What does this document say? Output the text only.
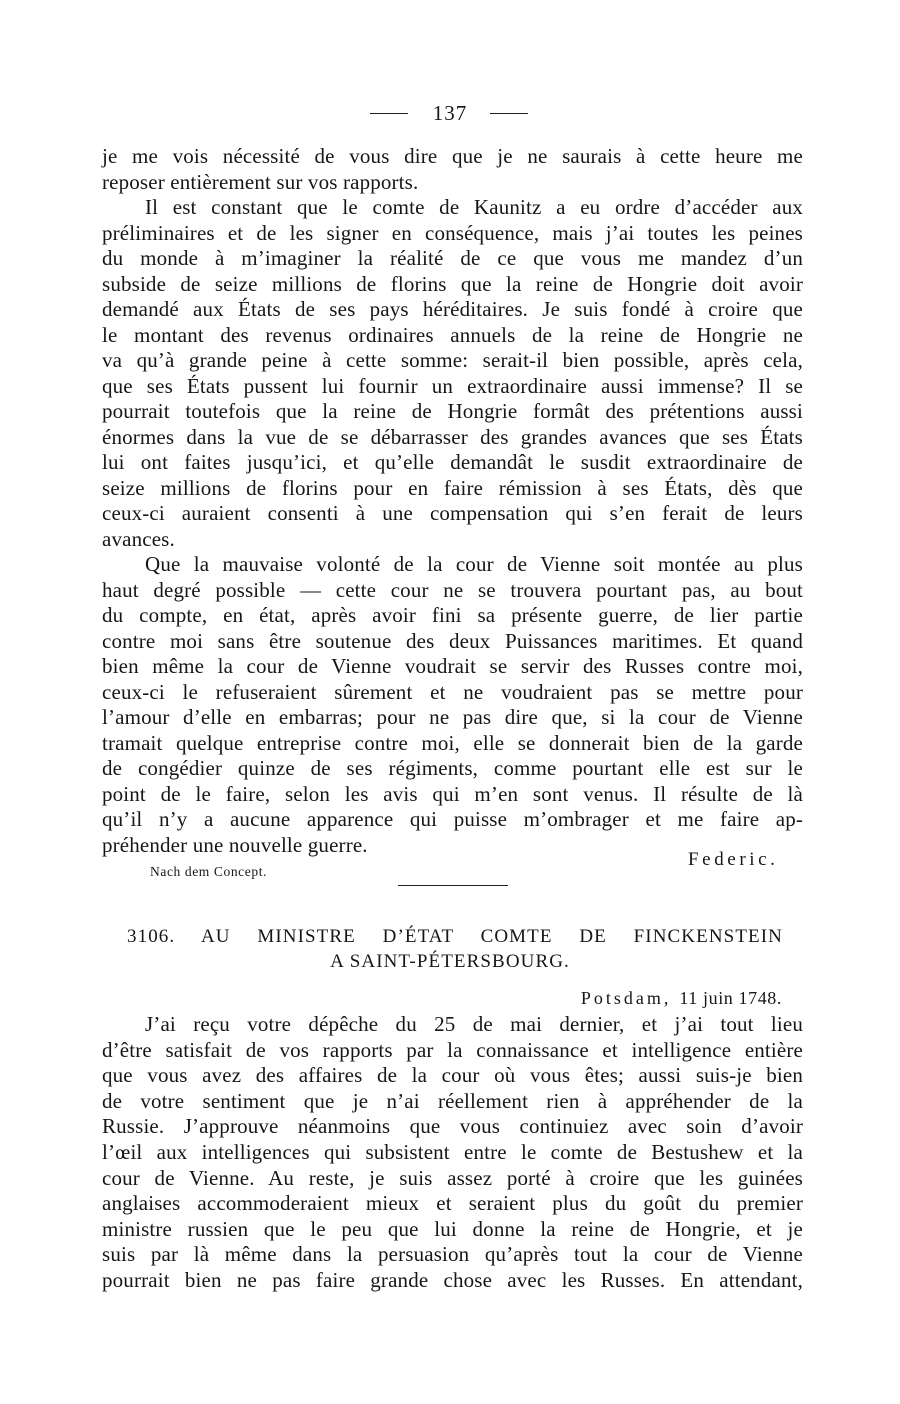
137
je me vois nécessité de vous dire que je ne saurais à cette heure me
reposer entièrement sur vos rapports.
Il est constant que le comte de Kaunitz a eu ordre d’accéder aux
préliminaires et de les signer en conséquence, mais j’ai toutes les peines
du monde à m’imaginer la réalité de ce que vous me mandez d’un
subside de seize millions de florins que la reine de Hongrie doit avoir
demandé aux États de ses pays héréditaires. Je suis fondé à croire que
le montant des revenus ordinaires annuels de la reine de Hongrie ne
va qu’à grande peine à cette somme: serait-il bien possible, après cela,
que ses États pussent lui fournir un extraordinaire aussi immense? Il se
pourrait toutefois que la reine de Hongrie formât des prétentions aussi
énormes dans la vue de se débarrasser des grandes avances que ses États
lui ont faites jusqu’ici, et qu’elle demandât le susdit extraordinaire de
seize millions de florins pour en faire rémission à ses États, dès que
ceux-ci auraient consenti à une compensation qui s’en ferait de leurs
avances.
Que la mauvaise volonté de la cour de Vienne soit montée au plus
haut degré possible — cette cour ne se trouvera pourtant pas, au bout
du compte, en état, après avoir fini sa présente guerre, de lier partie
contre moi sans être soutenue des deux Puissances maritimes. Et quand
bien même la cour de Vienne voudrait se servir des Russes contre moi,
ceux-ci le refuseraient sûrement et ne voudraient pas se mettre pour
l’amour d’elle en embarras; pour ne pas dire que, si la cour de Vienne
tramait quelque entreprise contre moi, elle se donnerait bien de la garde
de congédier quinze de ses régiments, comme pourtant elle est sur le
point de le faire, selon les avis qui m’en sont venus. Il résulte de là
qu’il n’y a aucune apparence qui puisse m’ombrager et me faire ap-
préhender une nouvelle guerre.
Federic.
Nach dem Concept.
3106. AU MINISTRE D’ÉTAT COMTE DE FINCKENSTEIN
A SAINT-PÉTERSBOURG.
Potsdam, 11 juin 1748.
J’ai reçu votre dépêche du 25 de mai dernier, et j’ai tout lieu
d’être satisfait de vos rapports par la connaissance et intelligence entière
que vous avez des affaires de la cour où vous êtes; aussi suis-je bien
de votre sentiment que je n’ai réellement rien à appréhender de la
Russie. J’approuve néanmoins que vous continuiez avec soin d’avoir
l’œil aux intelligences qui subsistent entre le comte de Bestushew et la
cour de Vienne. Au reste, je suis assez porté à croire que les guinées
anglaises accommoderaient mieux et seraient plus du goût du premier
ministre russien que le peu que lui donne la reine de Hongrie, et je
suis par là même dans la persuasion qu’après tout la cour de Vienne
pourrait bien ne pas faire grande chose avec les Russes. En attendant,
